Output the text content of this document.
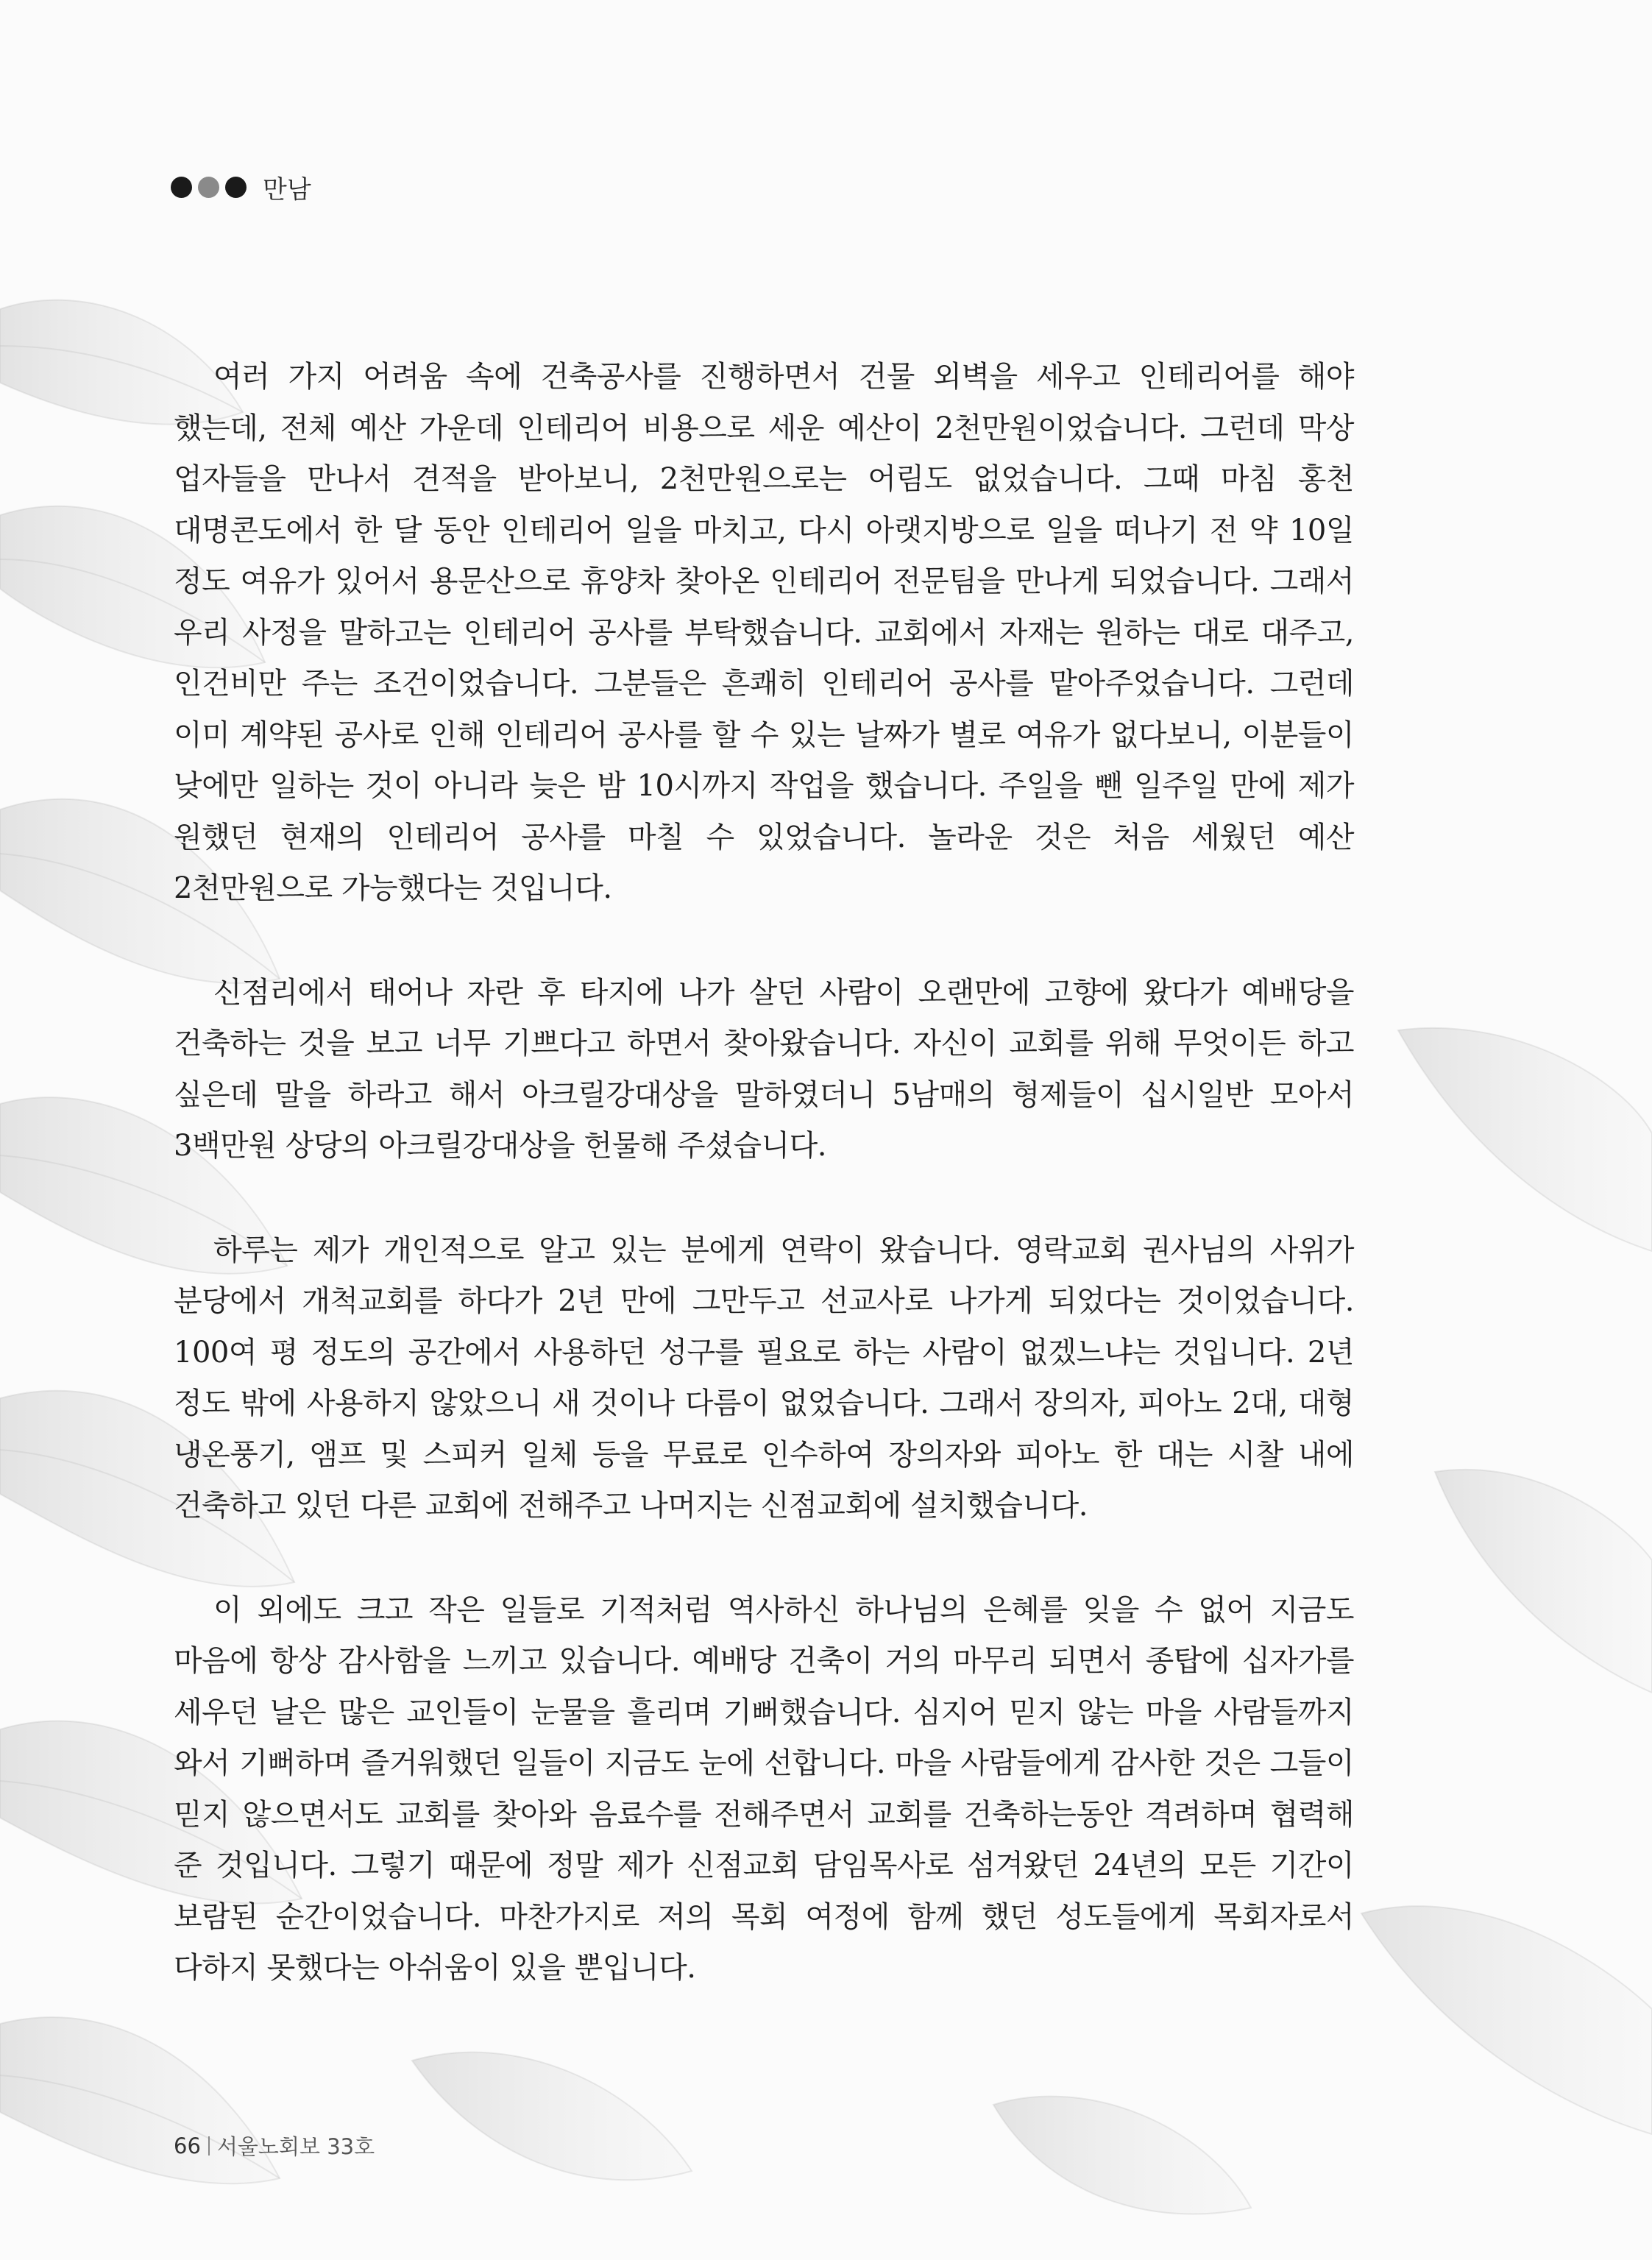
만남

여러 가지 어려움 속에 건축공사를 진행하면서 건물 외벽을 세우고 인테리어를 해야 했는데, 전체 예산 가운데 인테리어 비용으로 세운 예산이 2천만원이었습니다. 그런데 막상 업자들을 만나서 견적을 받아보니, 2천만원으로는 어림도 없었습니다. 그때 마침 홍천 대명콘도에서 한 달 동안 인테리어 일을 마치고, 다시 아랫지방으로 일을 떠나기 전 약 10일 정도 여유가 있어서 용문산으로 휴양차 찾아온 인테리어 전문팀을 만나게 되었습니다. 그래서 우리 사정을 말하고는 인테리어 공사를 부탁했습니다. 교회에서 자재는 원하는 대로 대주고, 인건비만 주는 조건이었습니다. 그분들은 흔쾌히 인테리어 공사를 맡아주었습니다. 그런데 이미 계약된 공사로 인해 인테리어 공사를 할 수 있는 날짜가 별로 여유가 없다보니, 이분들이 낮에만 일하는 것이 아니라 늦은 밤 10시까지 작업을 했습니다. 주일을 뺀 일주일 만에 제가 원했던 현재의 인테리어 공사를 마칠 수 있었습니다. 놀라운 것은 처음 세웠던 예산 2천만원으로 가능했다는 것입니다.

신점리에서 태어나 자란 후 타지에 나가 살던 사람이 오랜만에 고향에 왔다가 예배당을 건축하는 것을 보고 너무 기쁘다고 하면서 찾아왔습니다. 자신이 교회를 위해 무엇이든 하고 싶은데 말을 하라고 해서 아크릴강대상을 말하였더니 5남매의 형제들이 십시일반 모아서 3백만원 상당의 아크릴강대상을 헌물해 주셨습니다.

하루는 제가 개인적으로 알고 있는 분에게 연락이 왔습니다. 영락교회 권사님의 사위가 분당에서 개척교회를 하다가 2년 만에 그만두고 선교사로 나가게 되었다는 것이었습니다. 100여 평 정도의 공간에서 사용하던 성구를 필요로 하는 사람이 없겠느냐는 것입니다. 2년 정도 밖에 사용하지 않았으니 새 것이나 다름이 없었습니다. 그래서 장의자, 피아노 2대, 대형 냉온풍기, 앰프 및 스피커 일체 등을 무료로 인수하여 장의자와 피아노 한 대는 시찰 내에 건축하고 있던 다른 교회에 전해주고 나머지는 신점교회에 설치했습니다.

이 외에도 크고 작은 일들로 기적처럼 역사하신 하나님의 은혜를 잊을 수 없어 지금도 마음에 항상 감사함을 느끼고 있습니다. 예배당 건축이 거의 마무리 되면서 종탑에 십자가를 세우던 날은 많은 교인들이 눈물을 흘리며 기뻐했습니다. 심지어 믿지 않는 마을 사람들까지 와서 기뻐하며 즐거워했던 일들이 지금도 눈에 선합니다. 마을 사람들에게 감사한 것은 그들이 믿지 않으면서도 교회를 찾아와 음료수를 전해주면서 교회를 건축하는동안 격려하며 협력해 준 것입니다. 그렇기 때문에 정말 제가 신점교회 담임목사로 섬겨왔던 24년의 모든 기간이 보람된 순간이었습니다. 마찬가지로 저의 목회 여정에 함께 했던 성도들에게 목회자로서 다하지 못했다는 아쉬움이 있을 뿐입니다.

66 서울노회보 33호
